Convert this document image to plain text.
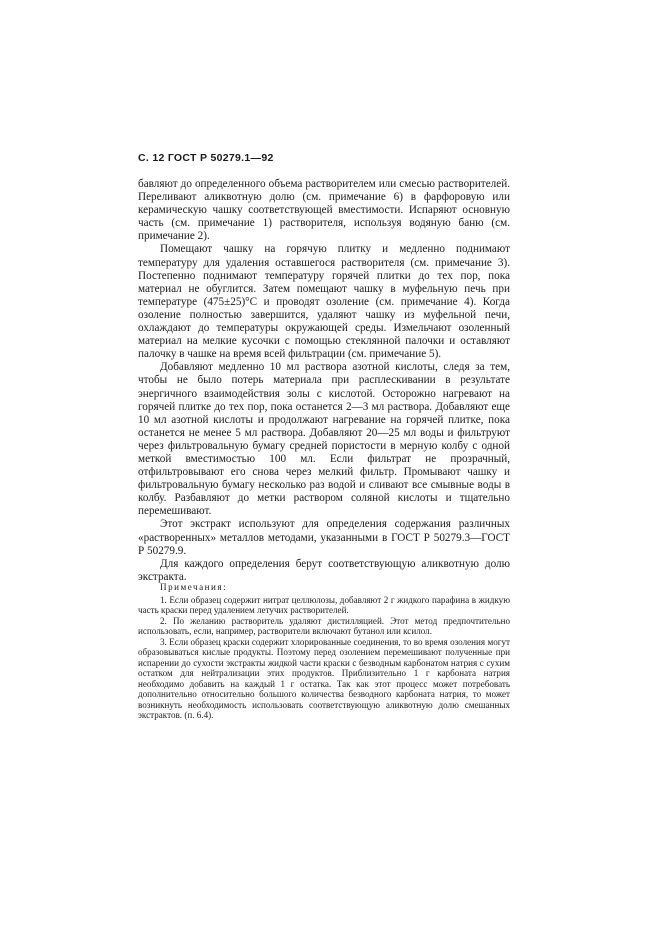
С. 12 ГОСТ Р 50279.1—92

бавляют до определенного объема растворителем или смесью растворителей. Переливают аликвотную долю (см. примечание 6) в фарфоровую или керамическую чашку соответствующей вместимости. Испаряют основную часть (см. примечание 1) растворителя, используя водяную баню (см. примечание 2).

Помещают чашку на горячую плитку и медленно поднимают температуру для удаления оставшегося растворителя (см. примечание 3). Постепенно поднимают температуру горячей плитки до тех пор, пока материал не обуглится. Затем помещают чашку в муфельную печь при температуре (475±25)°С и проводят озоление (см. примечание 4). Когда озоление полностью завершится, удаляют чашку из муфельной печи, охлаждают до температуры окружающей среды. Измельчают озоленный материал на мелкие кусочки с помощью стеклянной палочки и оставляют палочку в чашке на время всей фильтрации (см. примечание 5).

Добавляют медленно 10 мл раствора азотной кислоты, следя за тем, чтобы не было потерь материала при расплескивании в результате энергичного взаимодействия золы с кислотой. Осторожно нагревают на горячей плитке до тех пор, пока останется 2—3 мл раствора. Добавляют еще 10 мл азотной кислоты и продолжают нагревание на горячей плитке, пока останется не менее 5 мл раствора. Добавляют 20—25 мл воды и фильтруют через фильтровальную бумагу средней пористости в мерную колбу с одной меткой вместимостью 100 мл. Если фильтрат не прозрачный, отфильтровывают его снова через мелкий фильтр. Промывают чашку и фильтровальную бумагу несколько раз водой и сливают все смывные воды в колбу. Разбавляют до метки раствором соляной кислоты и тщательно перемешивают.

Этот экстракт используют для определения содержания различных «растворенных» металлов методами, указанными в ГОСТ Р 50279.3—ГОСТ Р 50279.9.

Для каждого определения берут соответствующую аликвотную долю экстракта.

Примечания:

1. Если образец содержит нитрат целлюлозы, добавляют 2 г жидкого парафина в жидкую часть краски перед удалением летучих растворителей.

2. По желанию растворитель удаляют дистилляцией. Этот метод предпочтительно использовать, если, например, растворители включают бутанол или ксилол.

3. Если образец краски содержит хлорированные соединения, то во время озоления могут образовываться кислые продукты. Поэтому перед озолением перемешивают полученные при испарении до сухости экстракты жидкой части краски с безводным карбонатом натрия с сухим остатком для нейтрализации этих продуктов. Приблизительно 1 г карбоната натрия необходимо добавить на каждый 1 г остатка. Так как этот процесс может потребовать дополнительно относительно большого количества безводного карбоната натрия, то может возникнуть необходимость использовать соответствующую аликвотную долю смешанных экстрактов. (п. 6.4).
